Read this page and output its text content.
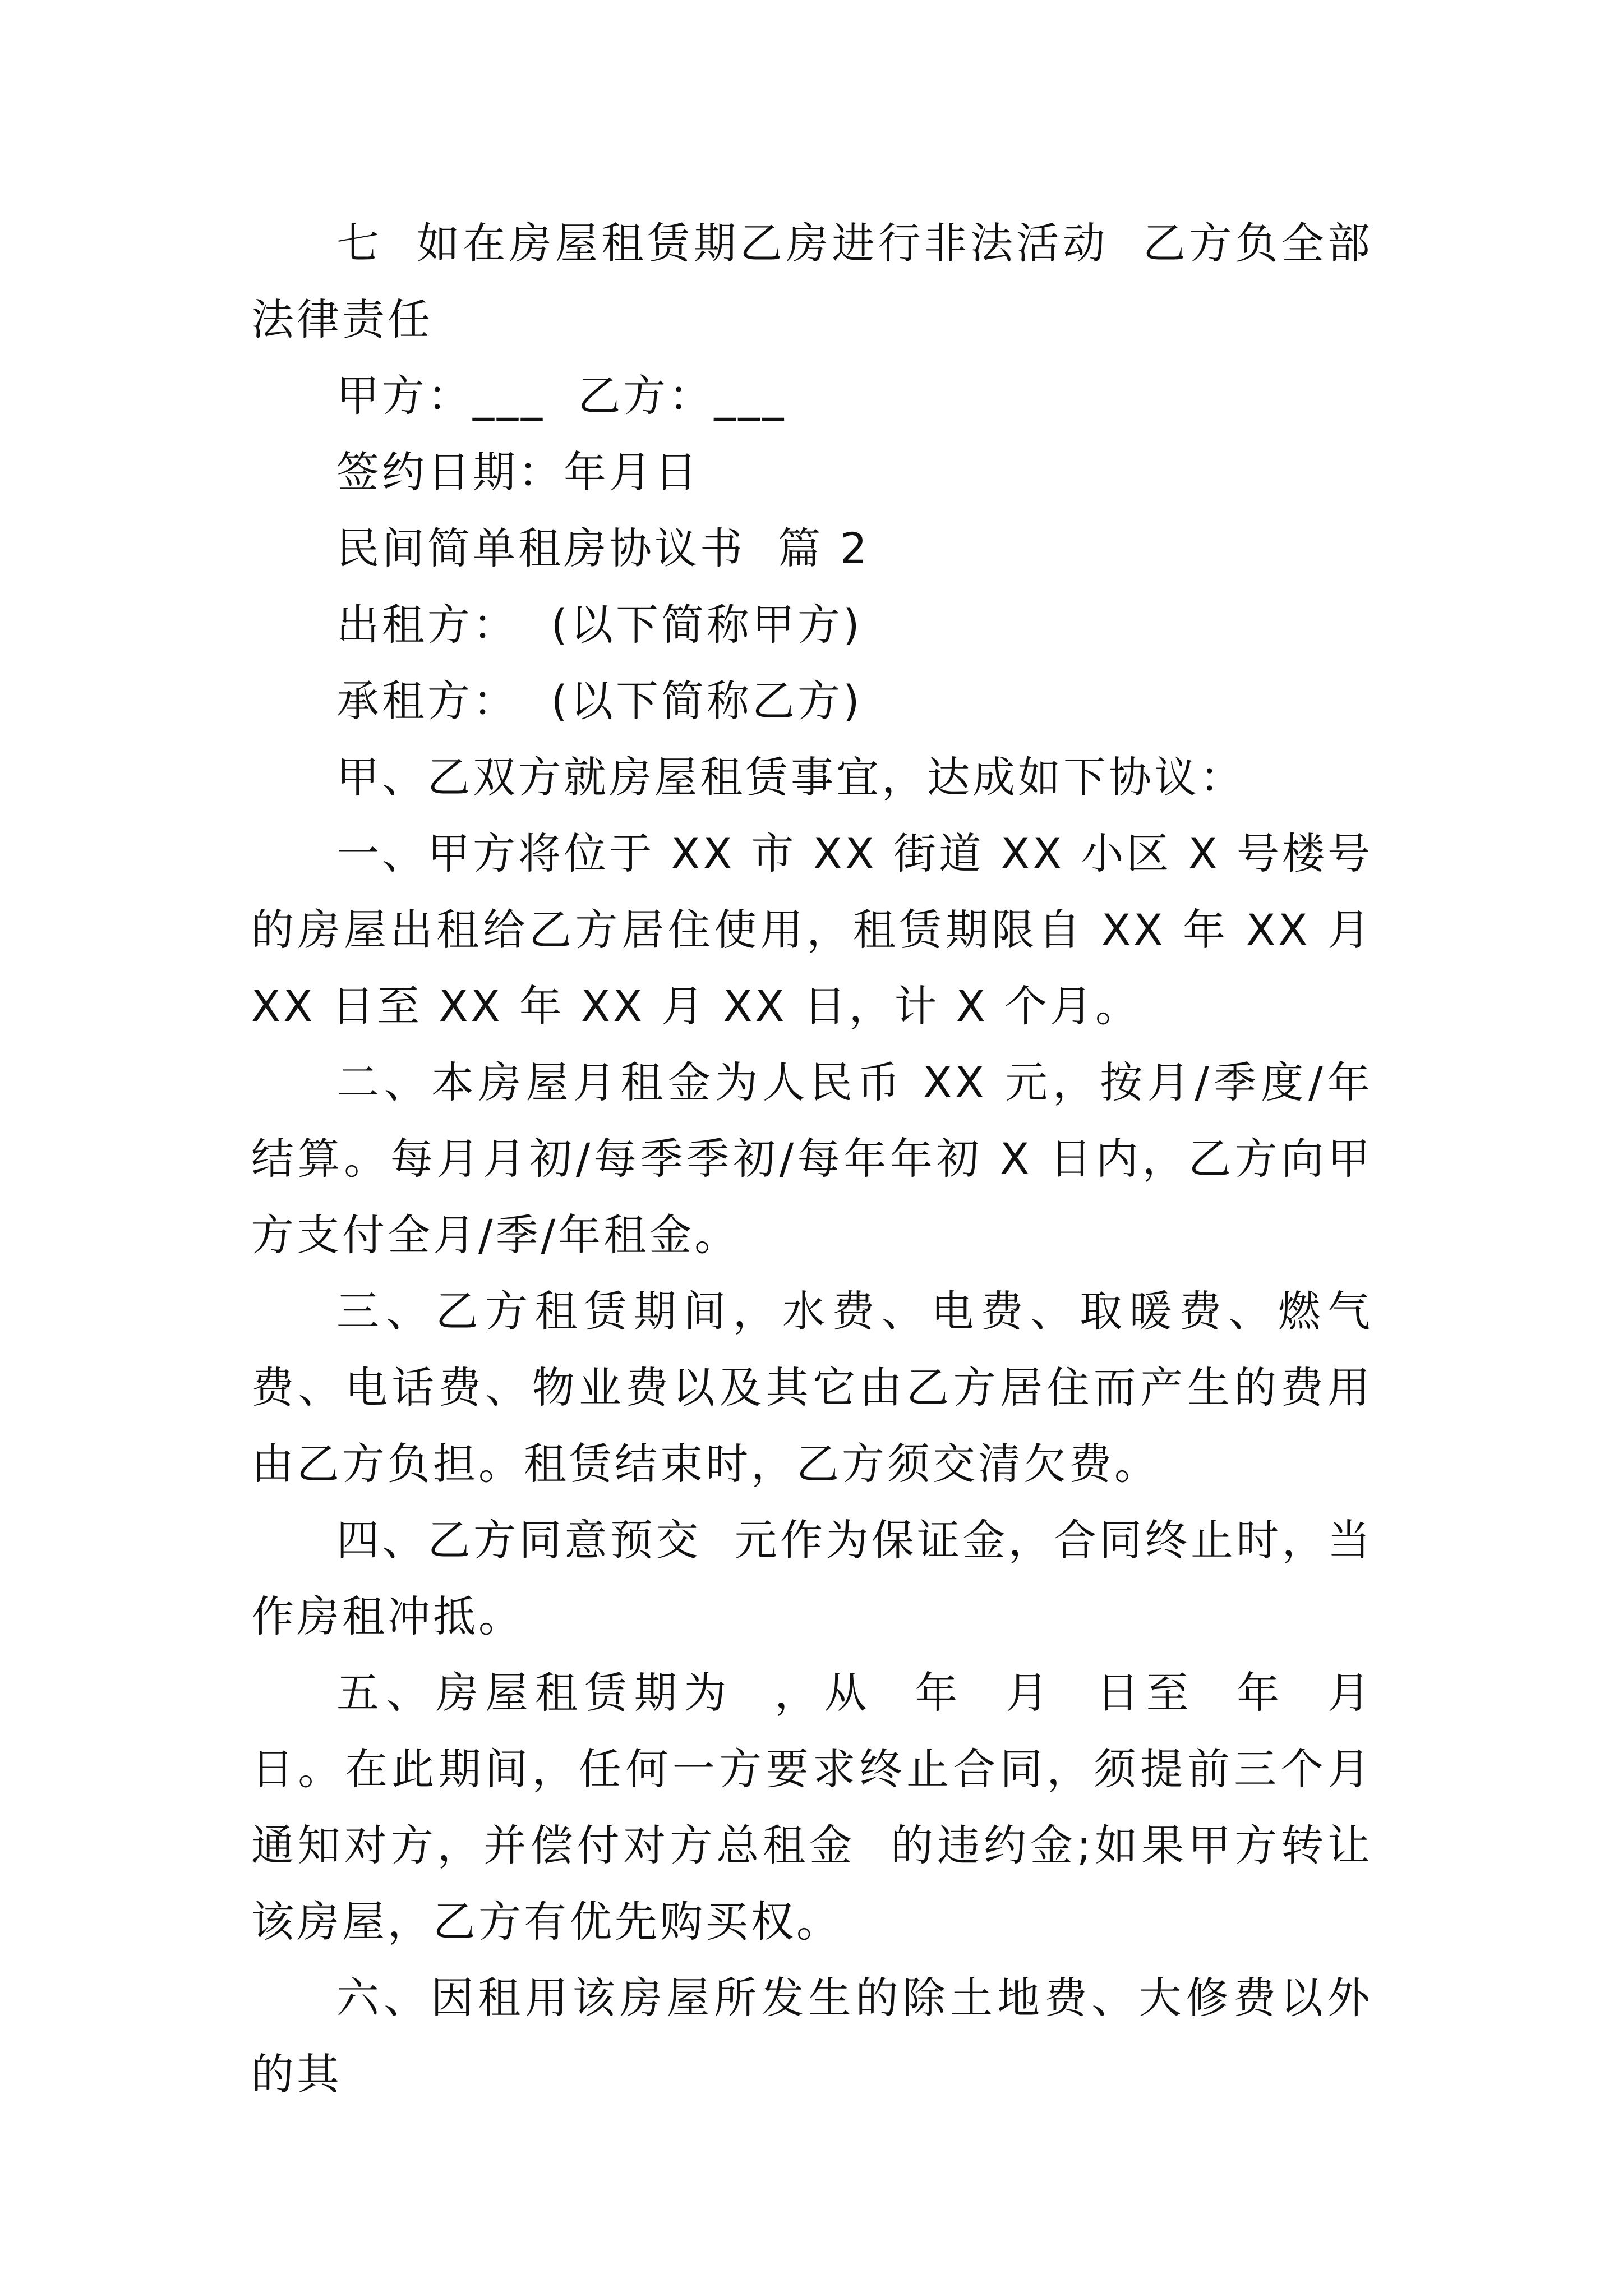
七  如在房屋租赁期乙房进行非法活动  乙方负全部法律责任

甲方：___  乙方：___

签约日期：年月日

民间简单租房协议书  篇 2

出租方：  (以下简称甲方)

承租方：  (以下简称乙方)

甲、乙双方就房屋租赁事宜，达成如下协议：

一、甲方将位于 XX 市 XX 街道 XX 小区 X 号楼号的房屋出租给乙方居住使用，租赁期限自 XX 年 XX 月 XX 日至 XX 年 XX 月 XX 日，计 X 个月。

二、本房屋月租金为人民币 XX 元，按月/季度/年结算。每月月初/每季季初/每年年初 X 日内，乙方向甲方支付全月/季/年租金。

三、乙方租赁期间，水费、电费、取暖费、燃气费、电话费、物业费以及其它由乙方居住而产生的费用由乙方负担。租赁结束时，乙方须交清欠费。

四、乙方同意预交  元作为保证金，合同终止时，当作房租冲抵。

五、房屋租赁期为  ，从  年  月  日至  年  月  日。在此期间，任何一方要求终止合同，须提前三个月通知对方，并偿付对方总租金  的违约金;如果甲方转让该房屋，乙方有优先购买权。

六、因租用该房屋所发生的除土地费、大修费以外的其
